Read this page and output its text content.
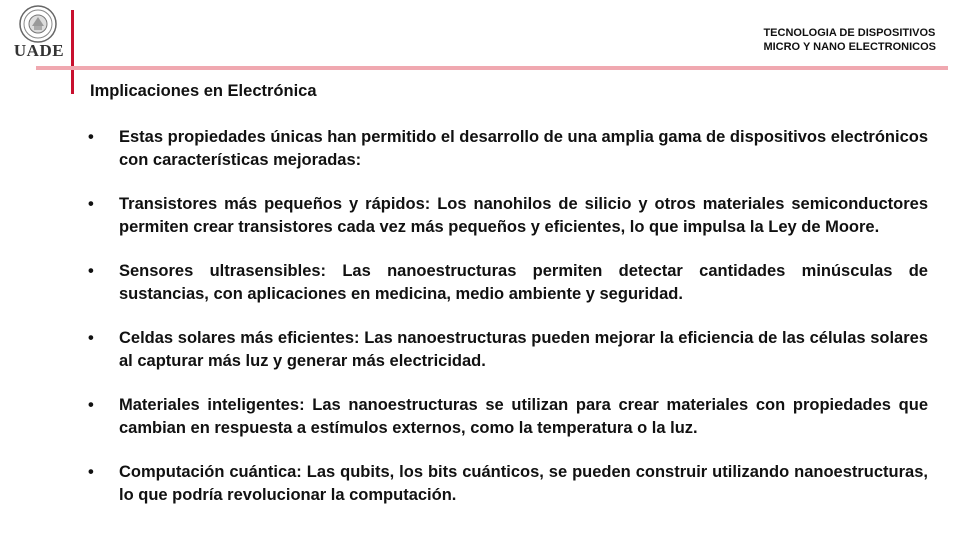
UADE
TECNOLOGIA DE DISPOSITIVOS
MICRO Y NANO ELECTRONICOS
Implicaciones en Electrónica
• Estas propiedades únicas han permitido el desarrollo de una amplia gama de dispositivos electrónicos con características mejoradas:
• Transistores más pequeños y rápidos: Los nanohilos de silicio y otros materiales semiconductores permiten crear transistores cada vez más pequeños y eficientes, lo que impulsa la Ley de Moore.
• Sensores ultrasensibles: Las nanoestructuras permiten detectar cantidades minúsculas de sustancias, con aplicaciones en medicina, medio ambiente y seguridad.
• Celdas solares más eficientes: Las nanoestructuras pueden mejorar la eficiencia de las células solares al capturar más luz y generar más electricidad.
• Materiales inteligentes: Las nanoestructuras se utilizan para crear materiales con propiedades que cambian en respuesta a estímulos externos, como la temperatura o la luz.
• Computación cuántica: Las qubits, los bits cuánticos, se pueden construir utilizando nanoestructuras, lo que podría revolucionar la computación.
